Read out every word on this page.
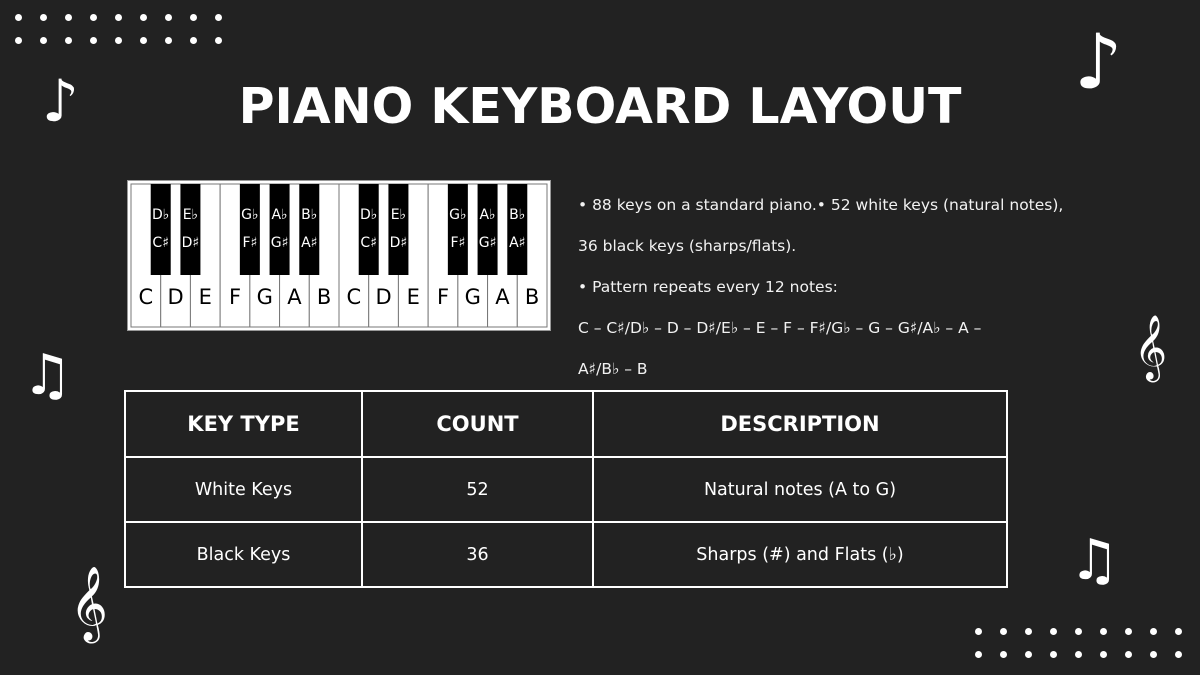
♪	♪
♫
♫
𝄞
𝄞
PIANO KEYBOARD LAYOUT
C D E F G A B C D E F G A B
D♭
C♯
E♭
D♯
G♭
F♯
A♭
G♯
B♭
A♯
D♭
C♯
E♭
D♯
G♭
F♯
A♭
G♯
B♭
A♯

• 88 keys on a standard piano.• 52 white keys (natural notes),

36 black keys (sharps/flats).

• Pattern repeats every 12 notes:

C – C♯/D♭ – D – D♯/E♭ – E – F – F♯/G♭ – G – G♯/A♭ – A –

A♯/B♭ – B

KEY TYPE	COUNT	DESCRIPTION
White Keys	52	Natural notes (A to G)
Black Keys	36	Sharps (#) and Flats (♭)
